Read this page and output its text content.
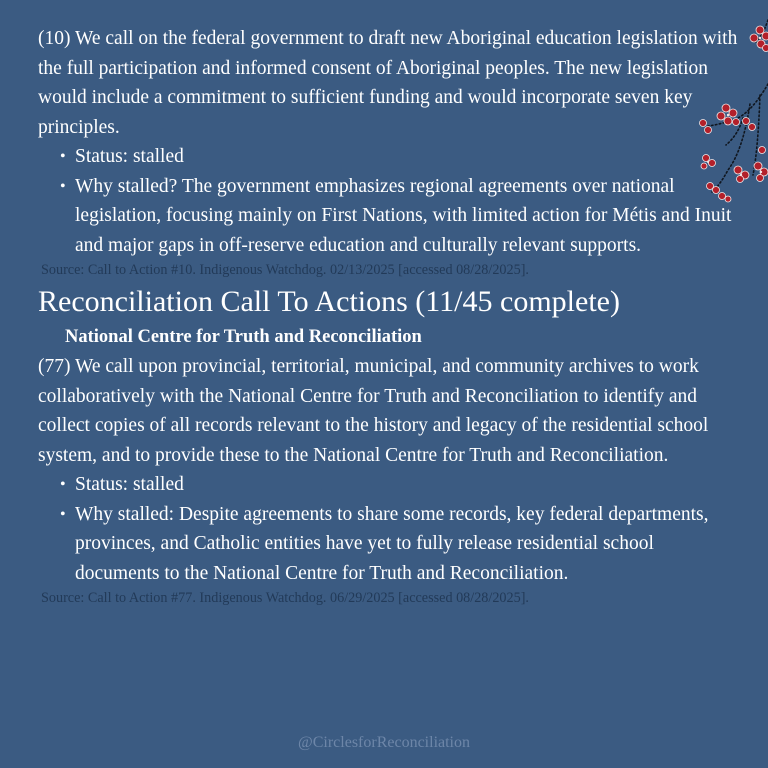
(10) We call on the federal government to draft new Aboriginal education legislation with the full participation and informed consent of Aboriginal peoples. The new legislation would include a commitment to sufficient funding and would incorporate seven key principles.

• Status: stalled
• Why stalled? The government emphasizes regional agreements over national legislation, focusing mainly on First Nations, with limited action for Métis and Inuit and major gaps in off-reserve education and culturally relevant supports.
Source: Call to Action #10. Indigenous Watchdog. 02/13/2025 [accessed 08/28/2025].
Reconciliation Call To Actions (11/45 complete)
National Centre for Truth and Reconciliation

(77) We call upon provincial, territorial, municipal, and community archives to work collaboratively with the National Centre for Truth and Reconciliation to identify and collect copies of all records relevant to the history and legacy of the residential school system, and to provide these to the National Centre for Truth and Reconciliation.

• Status: stalled
• Why stalled: Despite agreements to share some records, key federal departments, provinces, and Catholic entities have yet to fully release residential school documents to the National Centre for Truth and Reconciliation.
Source: Call to Action #77. Indigenous Watchdog. 06/29/2025 [accessed 08/28/2025].
@CirclesforReconciliation
